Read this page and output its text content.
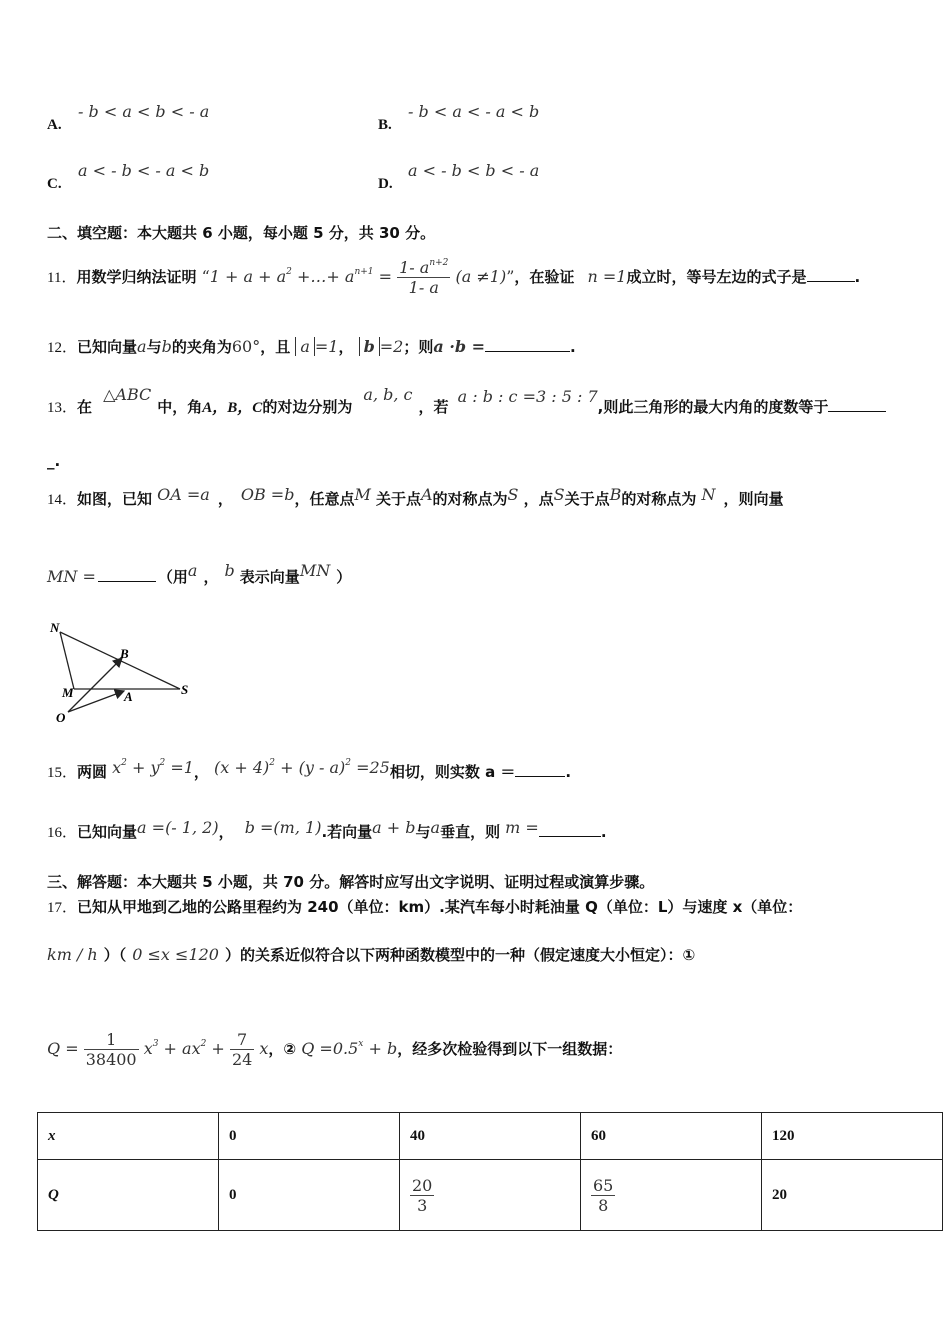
A.
- b < a < b < - a
B.
- b < a < - a < b
C.
a < - b < - a < b
D.
a < - b < b < - a
二、填空题：本大题共 6 小题，每小题 5 分，共 30 分。
11．用数学归纳法证明 “$1 + a + a^2$ +…+ $a^{n+1} = \frac{1- a^{n+2}}{1- a} (a \ne 1)$”，在验证 n =1成立时，等号左边的式子是	.
12．已知向量a与b的夹角为60°，且 a =1， b =2；则a ·b =	.
13．在 △ABC中，角A，B，C的对边分别为 a, b, c，若 a : b : c =3 : 5 : 7,则此三角形的最大内角的度数等于
_.
14．如图，已知 OA =a ， OB =b，任意点M 关于点A的对称点为S ，点S关于点B的对称点为 N ，则向量
MN =	（用a ， b 表示向量MN ）
N
B
M	A	S
O
15．两圆 $x^2 + y^2 =1$， $(x + 4)^2 + (y - a)^2 =25$相切，则实数 a ＝	.
16．已知向量a =(- 1, 2)， b =(m, 1).若向量a + b与a垂直，则 m =	.
三、解答题：本大题共 5 小题，共 70 分。解答时应写出文字说明、证明过程或演算步骤。
17．已知从甲地到乙地的公路里程约为 240（单位：km）.某汽车每小时耗油量 Q（单位：L）与速度 x（单位：
km / h ）（ 0 ≤x ≤120 ）的关系近似符合以下两种函数模型中的一种（假定速度大小恒定）：①
$Q = \frac{1}{38400} x^3 + ax^2 + \frac{7}{24}$ x，② $Q =0.5^x + b$，经多次检验得到以下一组数据：
x	0	40	60	120
Q	0	$\frac{20}{3}$	$\frac{65}{8}$	20
